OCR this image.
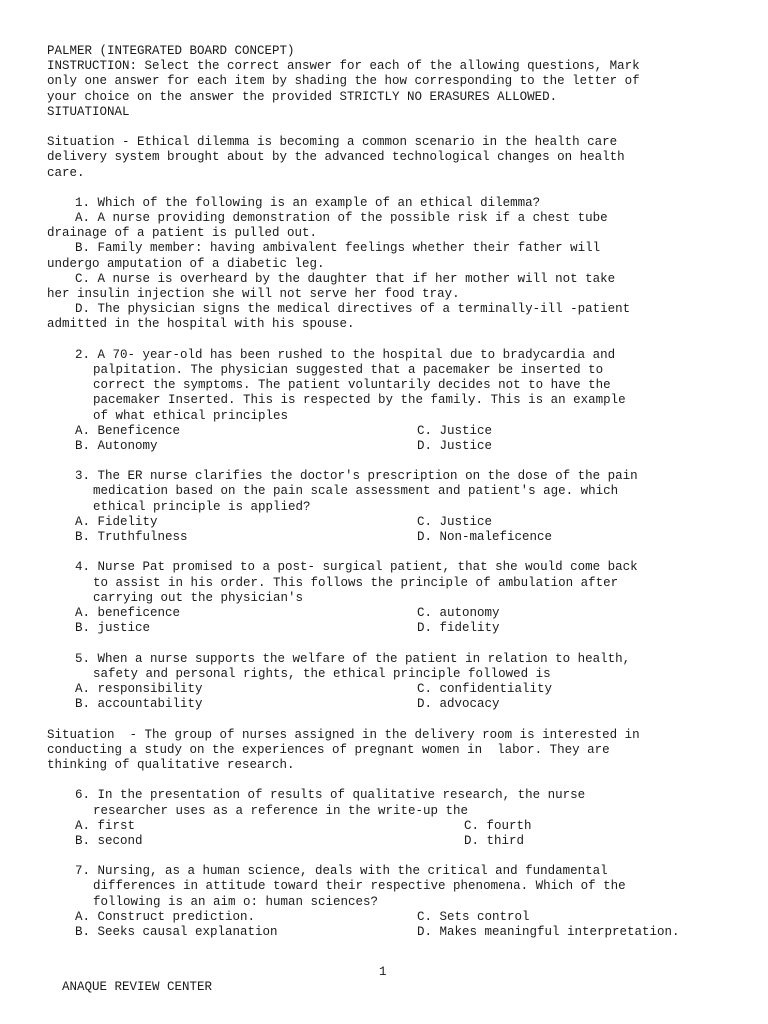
PALMER (INTEGRATED BOARD CONCEPT)
INSTRUCTION: Select the correct answer for each of the allowing questions, Mark
only one answer for each item by shading the how corresponding to the letter of
your choice on the answer the provided STRICTLY NO ERASURES ALLOWED.
SITUATIONAL
Situation - Ethical dilemma is becoming a common scenario in the health care
delivery system brought about by the advanced technological changes on health
care.
1. Which of the following is an example of an ethical dilemma?
A. A nurse providing demonstration of the possible risk if a chest tube
drainage of a patient is pulled out.
B. Family member: having ambivalent feelings whether their father will
undergo amputation of a diabetic leg.
C. A nurse is overheard by the daughter that if her mother will not take
her insulin injection she will not serve her food tray.
D. The physician signs the medical directives of a terminally-ill -patient
admitted in the hospital with his spouse.
2. A 70- year-old has been rushed to the hospital due to bradycardia and
palpitation. The physician suggested that a pacemaker be inserted to
correct the symptoms. The patient voluntarily decides not to have the
pacemaker Inserted. This is respected by the family. This is an example
of what ethical principles
A. Beneficence	C. Justice
B. Autonomy	D. Justice
3. The ER nurse clarifies the doctor's prescription on the dose of the pain
medication based on the pain scale assessment and patient's age. which
ethical principle is applied?
A. Fidelity	C. Justice
B. Truthfulness	D. Non-maleficence
4. Nurse Pat promised to a post- surgical patient, that she would come back
to assist in his order. This follows the principle of ambulation after
carrying out the physician's
A. beneficence	C. autonomy
B. justice	D. fidelity
5. When a nurse supports the welfare of the patient in relation to health,
safety and personal rights, the ethical principle followed is
A. responsibility	C. confidentiality
B. accountability	D. advocacy
Situation  - The group of nurses assigned in the delivery room is interested in
conducting a study on the experiences of pregnant women in  labor. They are
thinking of qualitative research.
6. In the presentation of results of qualitative research, the nurse
researcher uses as a reference in the write-up the
A. first	C. fourth
B. second	D. third
7. Nursing, as a human science, deals with the critical and fundamental
differences in attitude toward their respective phenomena. Which of the
following is an aim o: human sciences?
A. Construct prediction.	C. Sets control
B. Seeks causal explanation	D. Makes meaningful interpretation.

ANAQUE REVIEW CENTER

1
